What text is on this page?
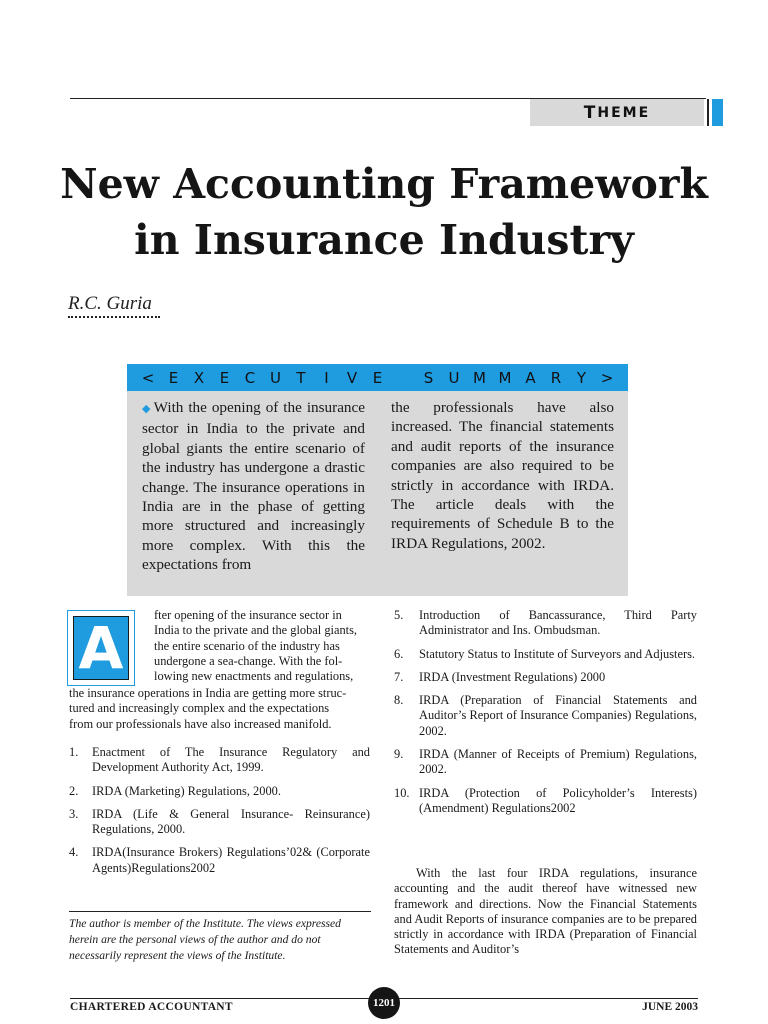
T HEME
New Accounting Framework
in Insurance Industry
R.C. Guria
< E X E C U T	I	V E	S U M M A R Y >
◆ With the opening of the insurance sector in India to the private and global giants the entire scenario of the industry has undergone a drastic change. The insurance operations in India are in the phase of getting more structured and increasingly more complex. With this the expectations from
the professionals have also increased. The financial statements and audit reports of the insurance companies are also required to be strictly in accordance with IRDA. The article deals with the requirements of Schedule B to the IRDA Regulations, 2002.
A	fter opening of the insurance sector in
India to the private and the global giants,
the entire scenario of the industry has
undergone a sea-change. With the fol-
lowing new enactments and regulations,
the insurance operations in India are getting more struc-
tured and increasingly complex and the expectations
from our professionals have also increased manifold.
1. Enactment of The Insurance Regulatory and Development Authority Act, 1999.
2. IRDA (Marketing) Regulations, 2000.
3. IRDA (Life & General Insurance- Reinsurance) Regulations, 2000.
4. IRDA(Insurance Brokers) Regulations’02& (Corporate Agents)Regulations2002
The author is member of the Institute. The views expressed herein are the personal views of the author and do not necessarily represent the views of the Institute.
5. Introduction of Bancassurance, Third Party Administrator and Ins. Ombudsman.
6. Statutory Status to Institute of Surveyors and Adjusters.
7. IRDA (Investment Regulations) 2000
8. IRDA (Preparation of Financial Statements and Auditor’s Report of Insurance Companies) Regulations, 2002.
9. IRDA (Manner of Receipts of Premium) Regulations, 2002.
10. IRDA (Protection of Policyholder’s Interests)(Amendment) Regulations2002

With the last four IRDA regulations, insurance accounting and the audit thereof have witnessed new framework and directions. Now the Financial Statements and Audit Reports of insurance companies are to be prepared strictly in accordance with IRDA (Preparation of Financial Statements and Auditor’s

CHARTERED ACCOUNTANT	1201	JUNE 2003
